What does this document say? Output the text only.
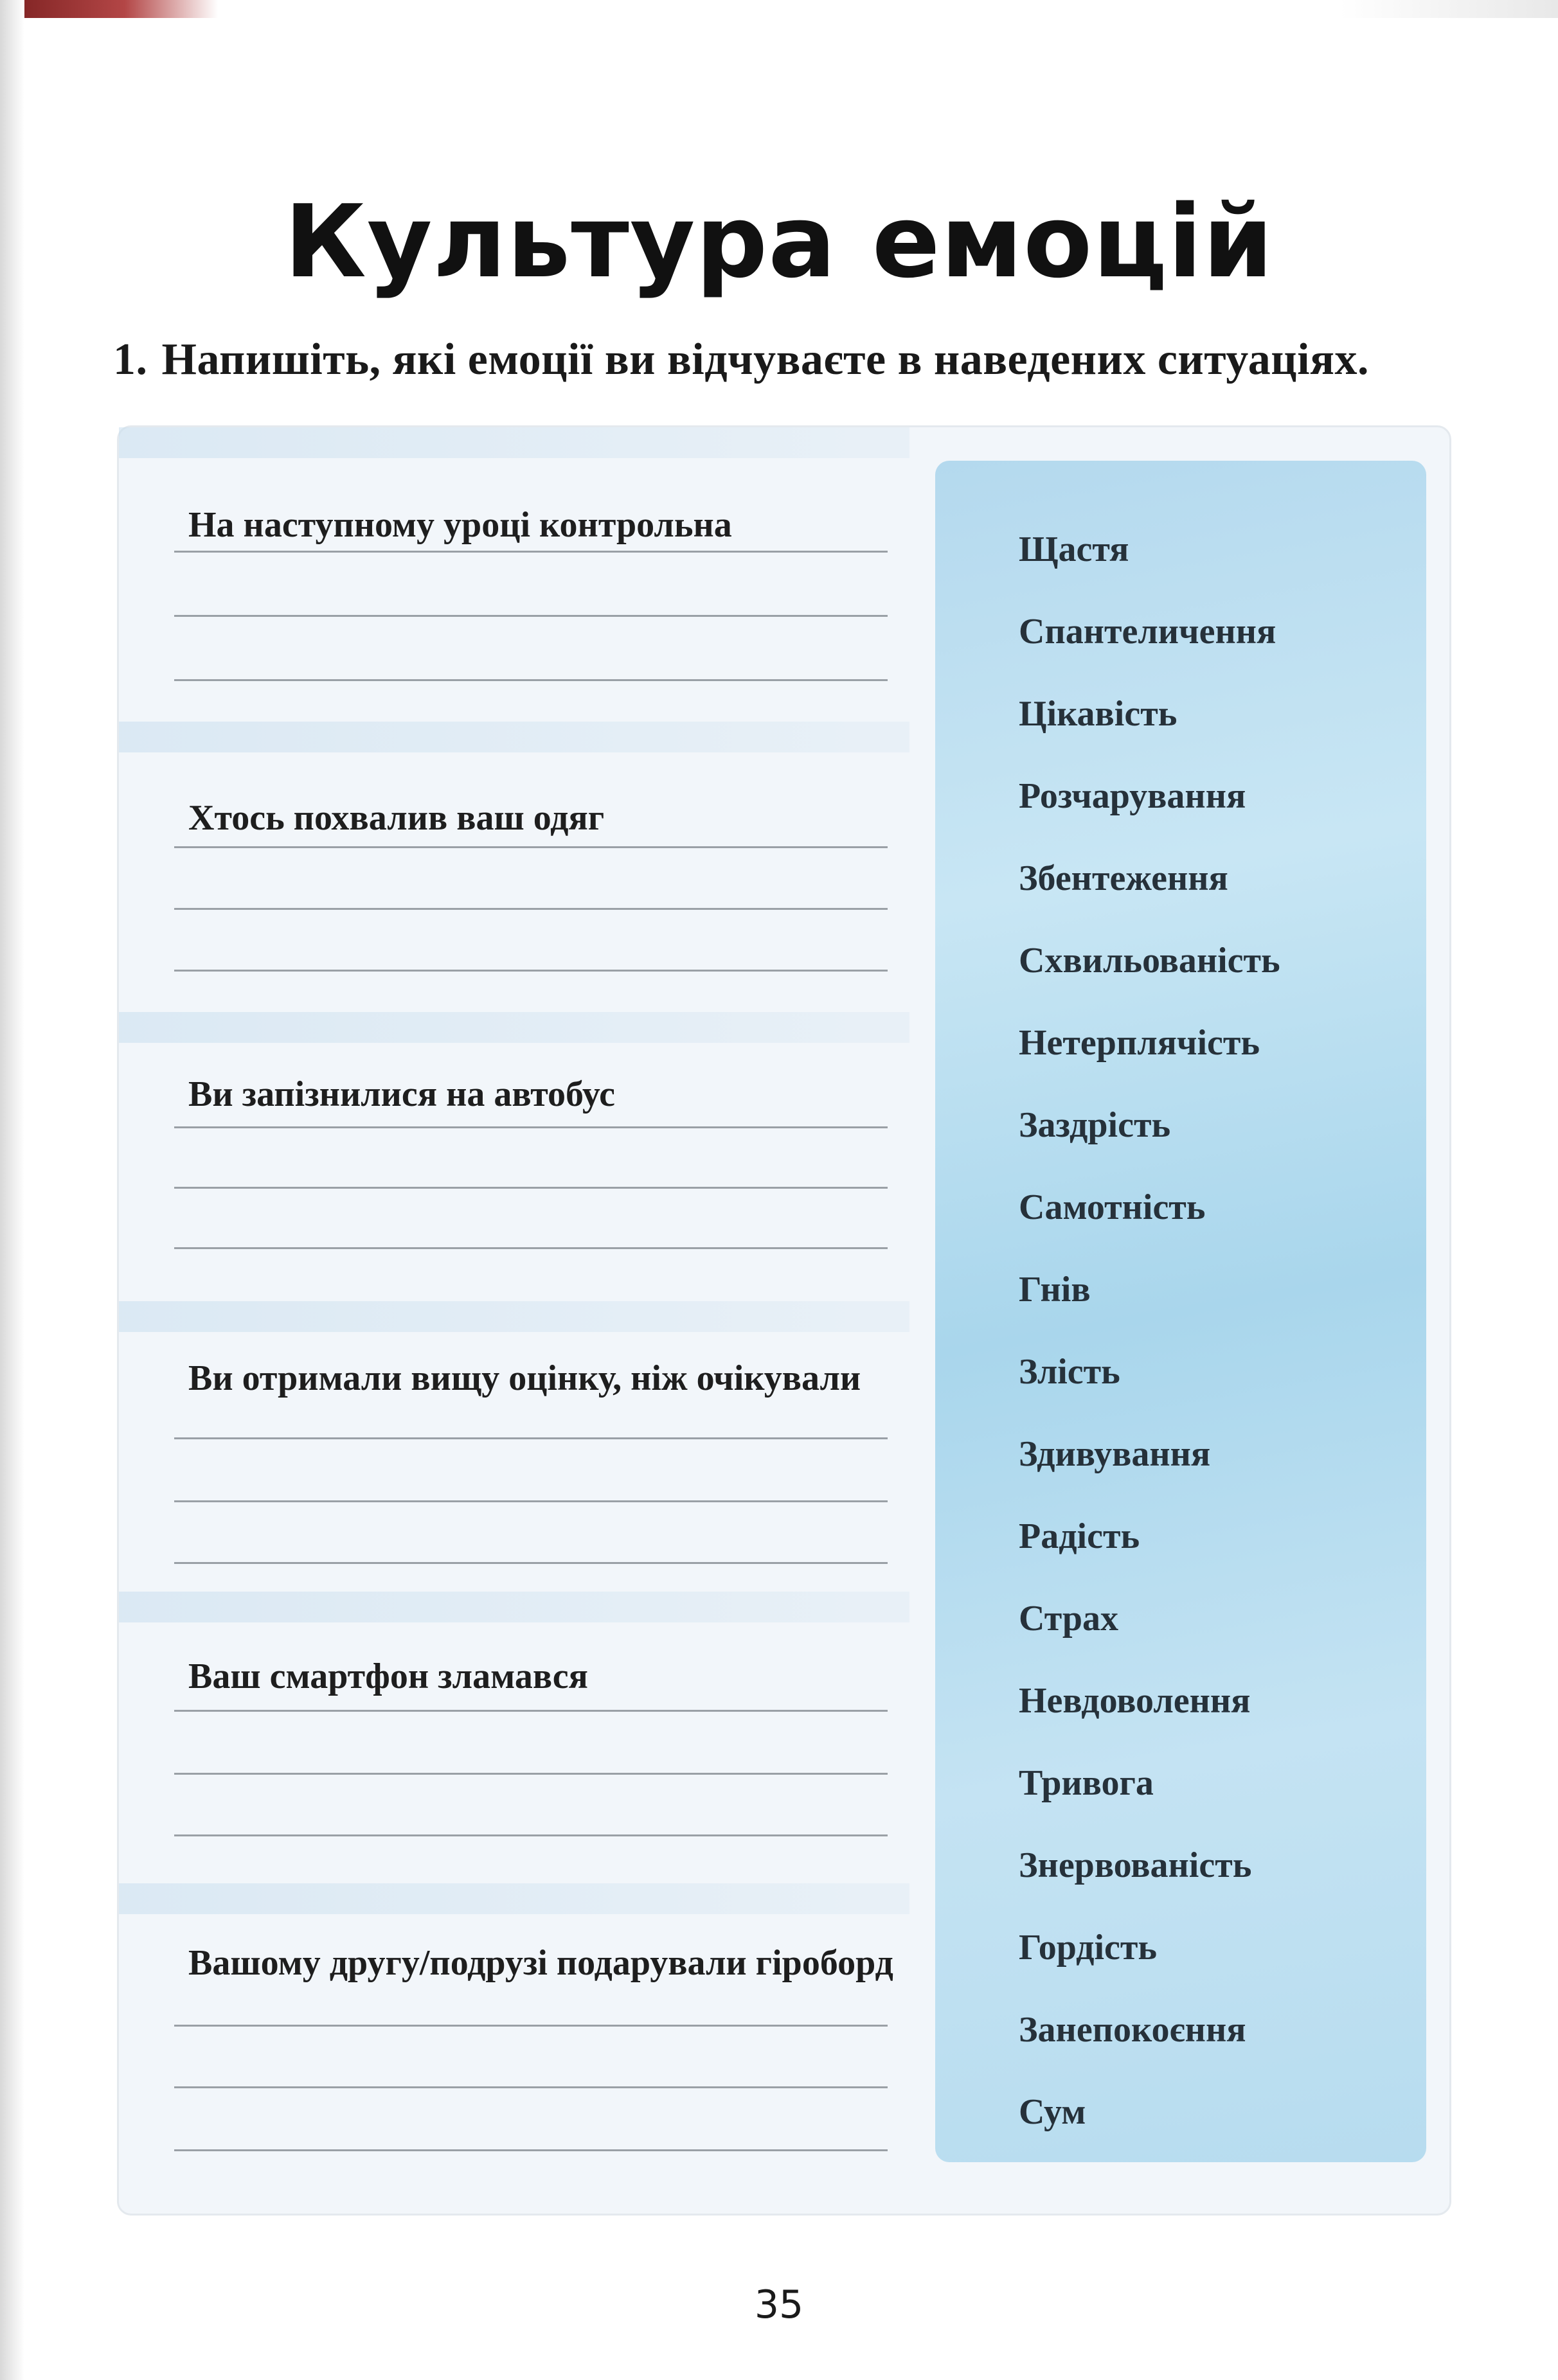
Культура емоцій
1. Напишіть, які емоції ви відчуваєте в наведених ситуаціях.
На наступному уроці контрольна
Хтось похвалив ваш одяг
Ви запізнилися на автобус
Ви отримали вищу оцінку, ніж очікували
Ваш смартфон зламався
Вашому другу/подрузі подарували гіроборд
Щастя
Спантеличення
Цікавість
Розчарування
Збентеження
Схвильованість
Нетерплячість
Заздрість
Самотність
Гнів
Злість
Здивування
Радість
Страх
Невдоволення
Тривога
Знервованість
Гордість
Занепокоєння
Сум
35
